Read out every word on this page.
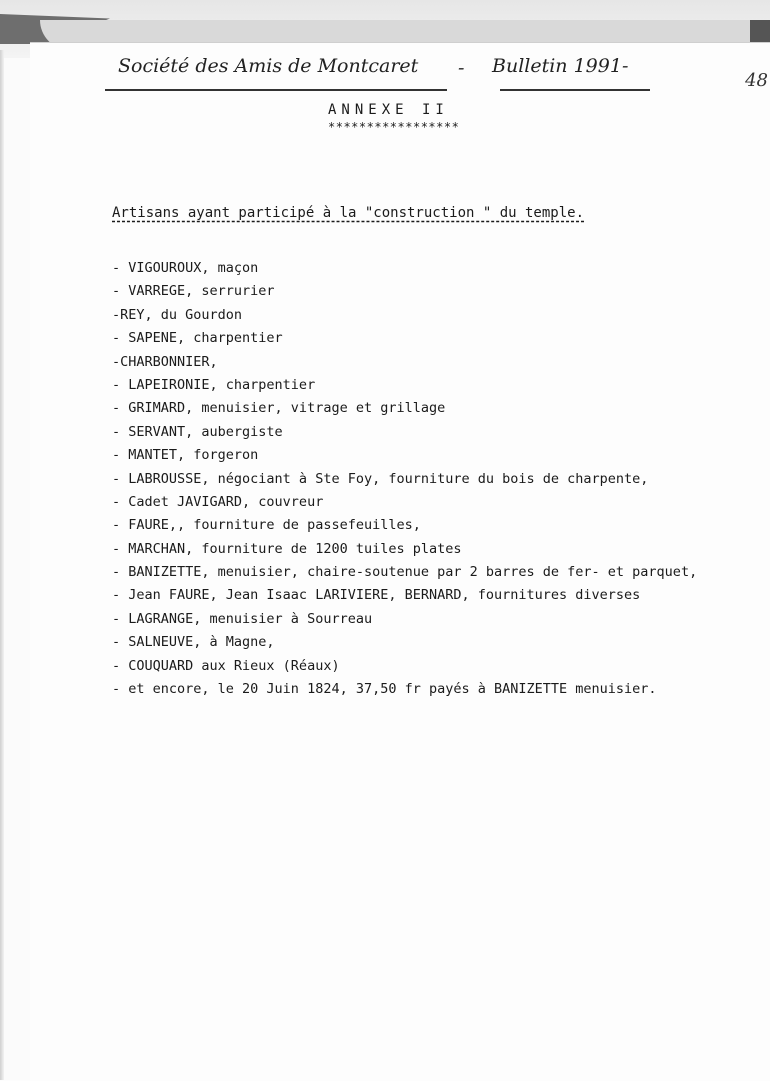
Société des Amis de Montcaret - Bulletin 1991-
48
ANNEXE II
*****************
Artisans ayant participé à la "construction " du temple.
- VIGOUROUX, maçon
- VARREGE, serrurier
-REY, du Gourdon
- SAPENE, charpentier
-CHARBONNIER,
- LAPEIRONIE, charpentier
- GRIMARD, menuisier, vitrage et grillage
- SERVANT, aubergiste
- MANTET, forgeron
- LABROUSSE, négociant à Ste Foy, fourniture du bois de charpente,
- Cadet JAVIGARD, couvreur
- FAURE,, fourniture de passefeuilles,
- MARCHAN, fourniture de 1200 tuiles plates
- BANIZETTE, menuisier, chaire-soutenue par 2 barres de fer- et parquet,
- Jean FAURE, Jean Isaac LARIVIERE, BERNARD, fournitures diverses
- LAGRANGE, menuisier à Sourreau
- SALNEUVE, à Magne,
- COUQUARD aux Rieux (Réaux)
- et encore, le 20 Juin 1824, 37,50 fr payés à BANIZETTE menuisier.
